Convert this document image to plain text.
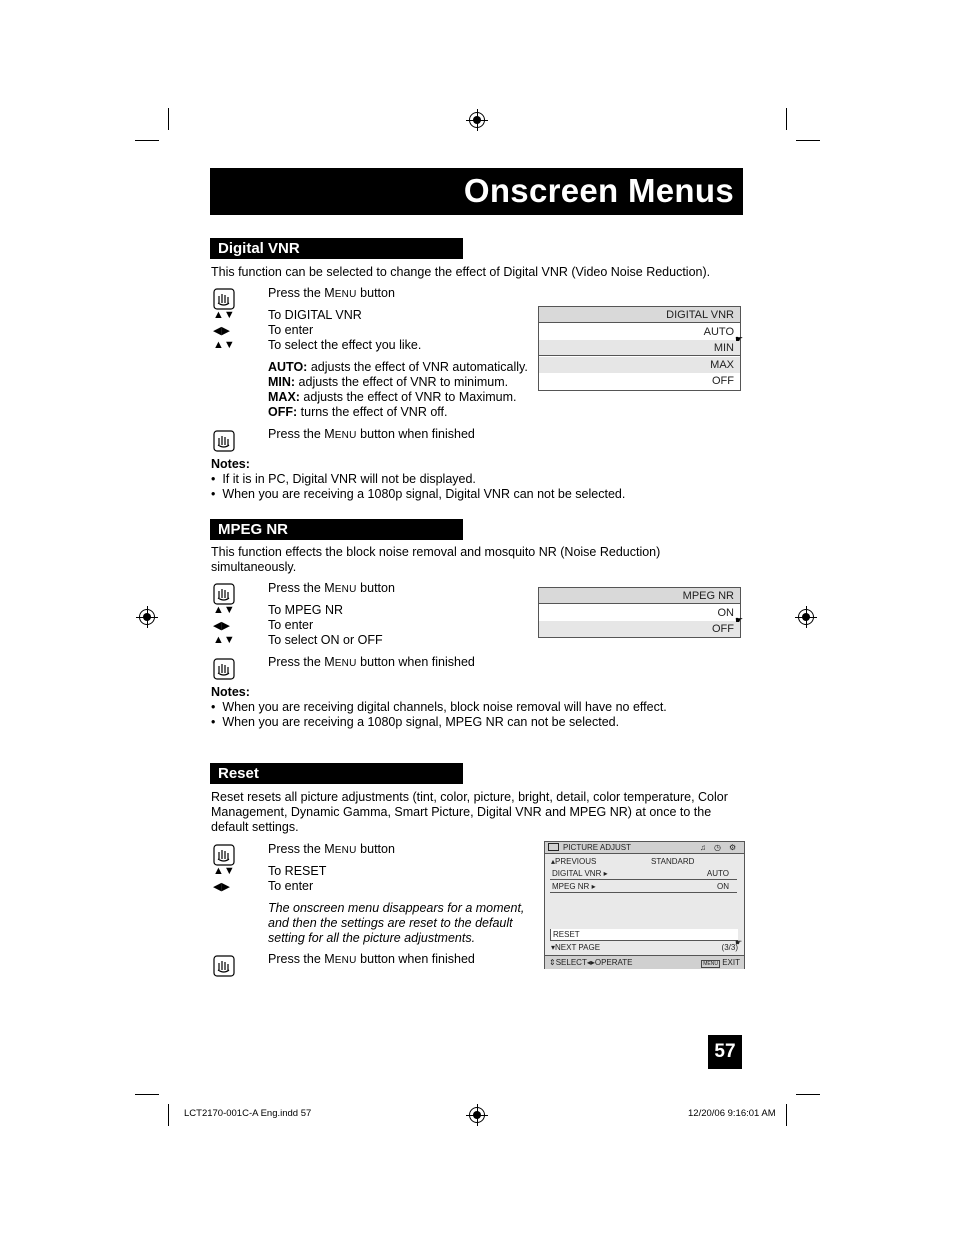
Onscreen Menus
Digital VNR
This function can be selected to change the effect of Digital VNR (Video Noise Reduction).
Press the MENU button
▲▼	To DIGITAL VNR
◀▶	To enter
▲▼	To select the effect you like.
AUTO: adjusts the effect of VNR automatically.
MIN: adjusts the effect of VNR to minimum.
MAX: adjusts the effect of VNR to Maximum.
OFF: turns the effect of VNR off.
Press the MENU button when finished
Notes:
•  If it is in PC, Digital VNR will not be displayed.
•  When you are receiving a 1080p signal, Digital VNR can not be selected.
DIGITAL VNR
AUTO
MIN
MAX
OFF
☛
MPEG NR
This function effects the block noise removal and mosquito NR (Noise Reduction) simultaneously.
Press the MENU button
▲▼	To MPEG NR
◀▶	To enter
▲▼	To select ON or OFF
Press the MENU button when finished
Notes:
•  When you are receiving digital channels, block noise removal will have no effect.
•  When you are receiving a 1080p signal, MPEG NR can not be selected.
MPEG NR
ON
OFF
☛
Reset
Reset resets all picture adjustments (tint, color, picture, bright, detail, color temperature, Color Management, Dynamic Gamma, Smart Picture, Digital VNR and MPEG NR) at once to the default settings.
Press the MENU button
▲▼	To RESET
◀▶	To enter
The onscreen menu disappears for a moment, and then the settings are reset to the default setting for all the picture adjustments.
Press the MENU button when finished
PICTURE ADJUST	♫ ◷ ⚙
▴PREVIOUS	STANDARD
DIGITAL VNR ▸	AUTO
MPEG NR ▸	ON
RESET
▾NEXT PAGE	(3/3)
☛
⇕SELECT◂▸OPERATE	MENU EXIT
57
LCT2170-001C-A Eng.indd 57	12/20/06 9:16:01 AM
